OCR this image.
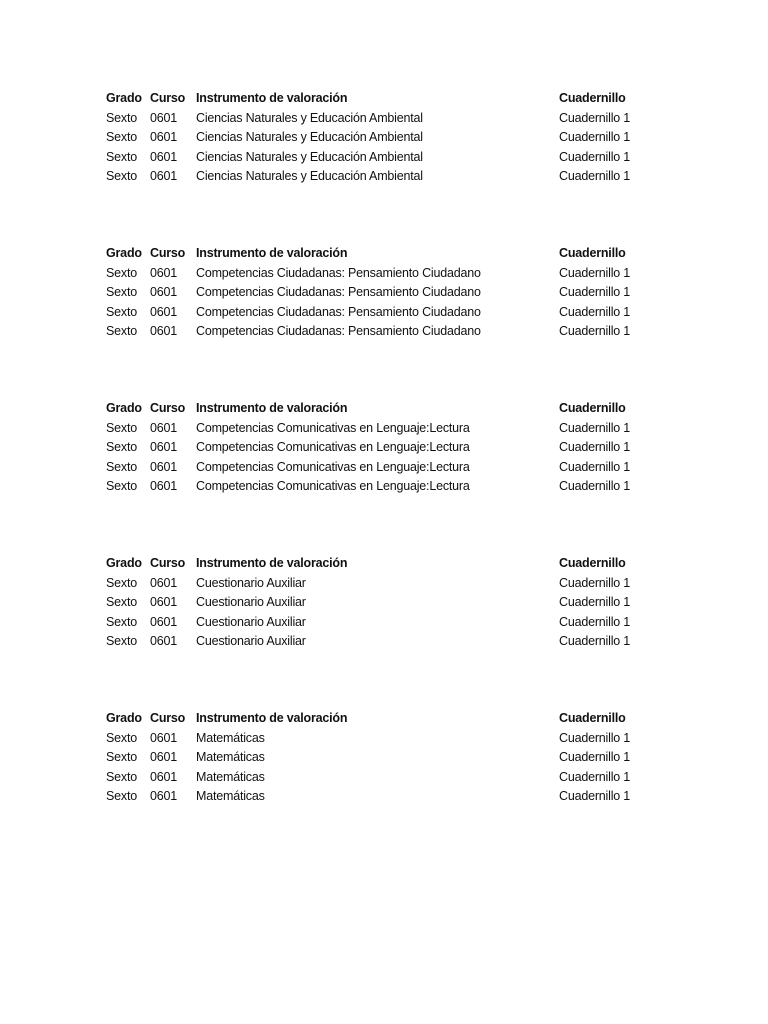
Grado Curso Instrumento de valoración	Cuadernillo
Sexto 0601 Ciencias Naturales y Educación Ambiental	Cuadernillo 1
Sexto 0601 Ciencias Naturales y Educación Ambiental	Cuadernillo 1
Sexto 0601 Ciencias Naturales y Educación Ambiental	Cuadernillo 1
Sexto 0601 Ciencias Naturales y Educación Ambiental	Cuadernillo 1
Grado Curso Instrumento de valoración	Cuadernillo
Sexto 0601 Competencias Ciudadanas: Pensamiento Ciudadano	Cuadernillo 1
Sexto 0601 Competencias Ciudadanas: Pensamiento Ciudadano	Cuadernillo 1
Sexto 0601 Competencias Ciudadanas: Pensamiento Ciudadano	Cuadernillo 1
Sexto 0601 Competencias Ciudadanas: Pensamiento Ciudadano	Cuadernillo 1
Grado Curso Instrumento de valoración	Cuadernillo
Sexto 0601 Competencias Comunicativas en Lenguaje:Lectura	Cuadernillo 1
Sexto 0601 Competencias Comunicativas en Lenguaje:Lectura	Cuadernillo 1
Sexto 0601 Competencias Comunicativas en Lenguaje:Lectura	Cuadernillo 1
Sexto 0601 Competencias Comunicativas en Lenguaje:Lectura	Cuadernillo 1
Grado Curso Instrumento de valoración	Cuadernillo
Sexto 0601 Cuestionario Auxiliar	Cuadernillo 1
Sexto 0601 Cuestionario Auxiliar	Cuadernillo 1
Sexto 0601 Cuestionario Auxiliar	Cuadernillo 1
Sexto 0601 Cuestionario Auxiliar	Cuadernillo 1
Grado Curso Instrumento de valoración	Cuadernillo
Sexto 0601 Matemáticas	Cuadernillo 1
Sexto 0601 Matemáticas	Cuadernillo 1
Sexto 0601 Matemáticas	Cuadernillo 1
Sexto 0601 Matemáticas	Cuadernillo 1
